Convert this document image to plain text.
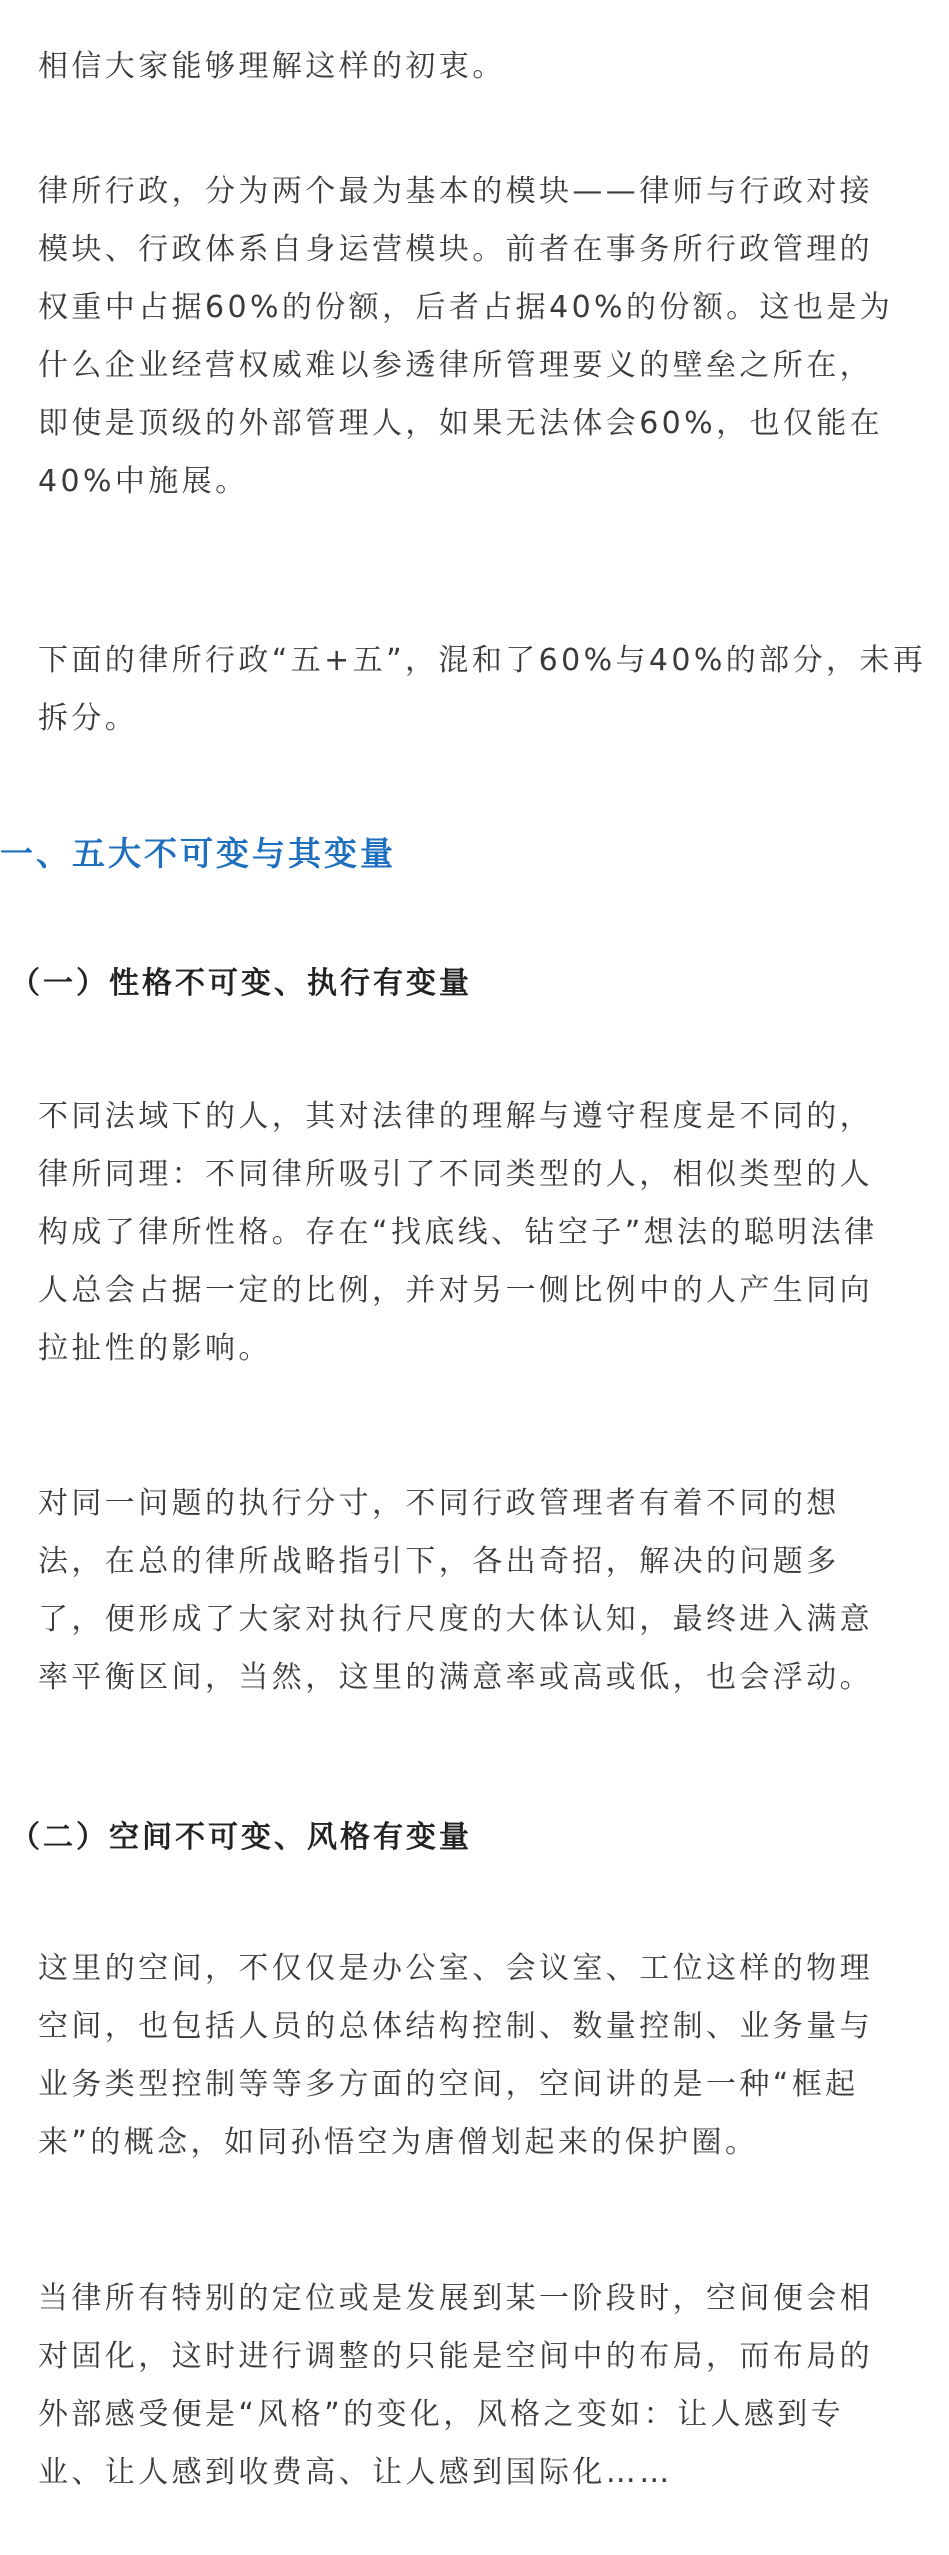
相信大家能够理解这样的初衷。
律所行政，分为两个最为基本的模块——律师与行政对接
模块、行政体系自身运营模块。前者在事务所行政管理的
权重中占据60%的份额，后者占据40%的份额。这也是为
什么企业经营权威难以参透律所管理要义的壁垒之所在，
即使是顶级的外部管理人，如果无法体会60%，也仅能在
40%中施展。
下面的律所行政“五+五”，混和了60%与40%的部分，未再
拆分。
一、五大不可变与其变量
（一）性格不可变、执行有变量
不同法域下的人，其对法律的理解与遵守程度是不同的，
律所同理：不同律所吸引了不同类型的人，相似类型的人
构成了律所性格。存在“找底线、钻空子”想法的聪明法律
人总会占据一定的比例，并对另一侧比例中的人产生同向
拉扯性的影响。
对同一问题的执行分寸，不同行政管理者有着不同的想
法，在总的律所战略指引下，各出奇招，解决的问题多
了，便形成了大家对执行尺度的大体认知，最终进入满意
率平衡区间，当然，这里的满意率或高或低，也会浮动。
（二）空间不可变、风格有变量
这里的空间，不仅仅是办公室、会议室、工位这样的物理
空间，也包括人员的总体结构控制、数量控制、业务量与
业务类型控制等等多方面的空间，空间讲的是一种“框起
来”的概念，如同孙悟空为唐僧划起来的保护圈。
当律所有特别的定位或是发展到某一阶段时，空间便会相
对固化，这时进行调整的只能是空间中的布局，而布局的
外部感受便是“风格”的变化，风格之变如：让人感到专
业、让人感到收费高、让人感到国际化……
